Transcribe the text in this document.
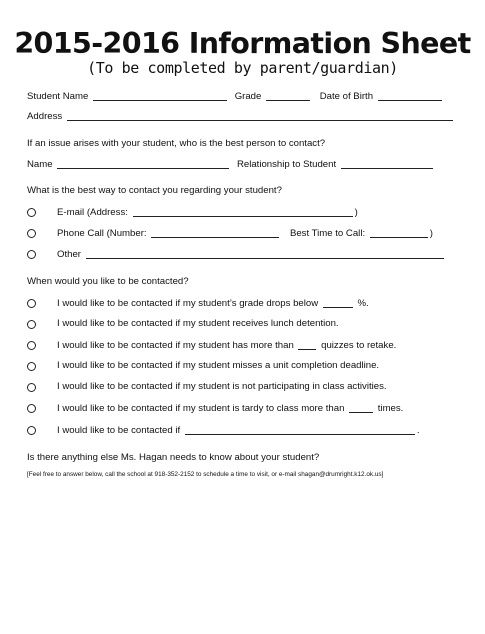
2015-2016 Information Sheet
(To be completed by parent/guardian)
Student Name	Grade	Date of Birth
Address
If an issue arises with your student, who is the best person to contact?
Name	Relationship to Student
What is the best way to contact you regarding your student?
E-mail (Address:	)
Phone Call (Number:	Best Time to Call:	)
Other
When would you like to be contacted?
I would like to be contacted if my student’s grade drops below	%.
I would like to be contacted if my student receives lunch detention.
I would like to be contacted if my student has more than	quizzes to retake.
I would like to be contacted if my student misses a unit completion deadline.
I would like to be contacted if my student is not participating in class activities.
I would like to be contacted if my student is tardy to class more than	times.
I would like to be contacted if	.
Is there anything else Ms. Hagan needs to know about your student?
[Feel free to answer below, call the school at 918-352-2152 to schedule a time to visit, or e-mail shagan@drumright.k12.ok.us]
